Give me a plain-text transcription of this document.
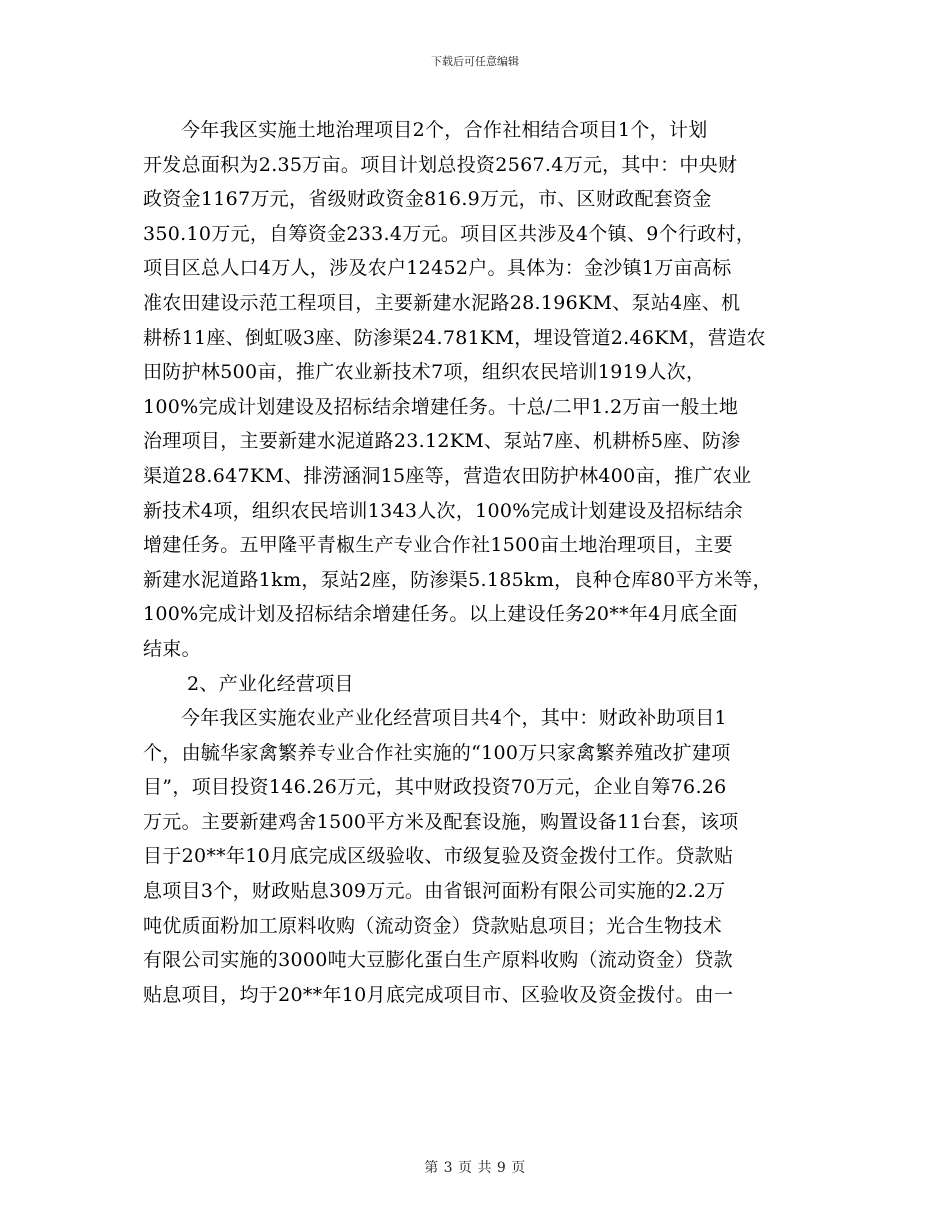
下载后可任意编辑
今年我区实施土地治理项目2个，合作社相结合项目1个，计划
开发总面积为2.35万亩。项目计划总投资2567.4万元，其中：中央财
政资金1167万元，省级财政资金816.9万元，市、区财政配套资金
350.10万元，自筹资金233.4万元。项目区共涉及4个镇、9个行政村，
项目区总人口4万人，涉及农户12452户。具体为：金沙镇1万亩高标
准农田建设示范工程项目，主要新建水泥路28.196KM、泵站4座、机
耕桥11座、倒虹吸3座、防渗渠24.781KM，埋设管道2.46KM，营造农
田防护林500亩，推广农业新技术7项，组织农民培训1919人次，
100%完成计划建设及招标结余增建任务。十总/二甲1.2万亩一般土地
治理项目，主要新建水泥道路23.12KM、泵站7座、机耕桥5座、防渗
渠道28.647KM、排涝涵洞15座等，营造农田防护林400亩，推广农业
新技术4项，组织农民培训1343人次，100%完成计划建设及招标结余
增建任务。五甲隆平青椒生产专业合作社1500亩土地治理项目，主要
新建水泥道路1km，泵站2座，防渗渠5.185km，良种仓库80平方米等，
100%完成计划及招标结余增建任务。以上建设任务20**年4月底全面
结束。
2、产业化经营项目
今年我区实施农业产业化经营项目共4个，其中：财政补助项目1
个，由毓华家禽繁养专业合作社实施的“100万只家禽繁养殖改扩建项
目”，项目投资146.26万元，其中财政投资70万元，企业自筹76.26
万元。主要新建鸡舍1500平方米及配套设施，购置设备11台套，该项
目于20**年10月底完成区级验收、市级复验及资金拨付工作。贷款贴
息项目3个，财政贴息309万元。由省银河面粉有限公司实施的2.2万
吨优质面粉加工原料收购（流动资金）贷款贴息项目；光合生物技术
有限公司实施的3000吨大豆膨化蛋白生产原料收购（流动资金）贷款
贴息项目，均于20**年10月底完成项目市、区验收及资金拨付。由一
第 3 页 共 9 页
